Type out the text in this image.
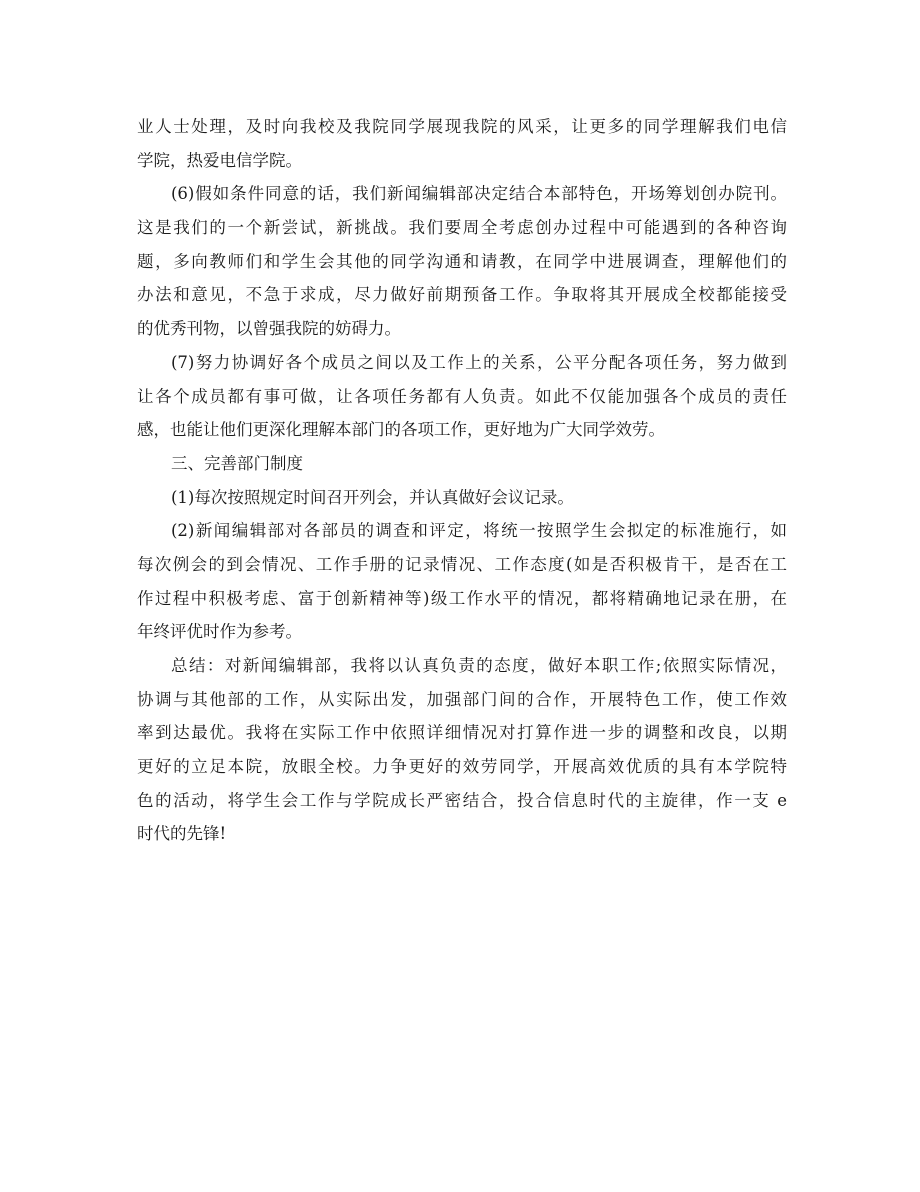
业人士处理，及时向我校及我院同学展现我院的风采，让更多的同学理解我们电信
学院，热爱电信学院。
(6)假如条件同意的话，我们新闻编辑部决定结合本部特色，开场筹划创办院刊。
这是我们的一个新尝试，新挑战。我们要周全考虑创办过程中可能遇到的各种咨询
题，多向教师们和学生会其他的同学沟通和请教，在同学中进展调查，理解他们的
办法和意见，不急于求成，尽力做好前期预备工作。争取将其开展成全校都能接受
的优秀刊物，以曾强我院的妨碍力。
(7)努力协调好各个成员之间以及工作上的关系，公平分配各项任务，努力做到
让各个成员都有事可做，让各项任务都有人负责。如此不仅能加强各个成员的责任
感，也能让他们更深化理解本部门的各项工作，更好地为广大同学效劳。
三、完善部门制度
(1)每次按照规定时间召开列会，并认真做好会议记录。
(2)新闻编辑部对各部员的调查和评定，将统一按照学生会拟定的标准施行，如
每次例会的到会情况、工作手册的记录情况、工作态度(如是否积极肯干，是否在工
作过程中积极考虑、富于创新精神等)级工作水平的情况，都将精确地记录在册，在
年终评优时作为参考。
总结：对新闻编辑部，我将以认真负责的态度，做好本职工作;依照实际情况，
协调与其他部的工作，从实际出发，加强部门间的合作，开展特色工作，使工作效
率到达最优。我将在实际工作中依照详细情况对打算作进一步的调整和改良，以期
更好的立足本院，放眼全校。力争更好的效劳同学，开展高效优质的具有本学院特
色的活动，将学生会工作与学院成长严密结合，投合信息时代的主旋律，作一支 e
时代的先锋!
